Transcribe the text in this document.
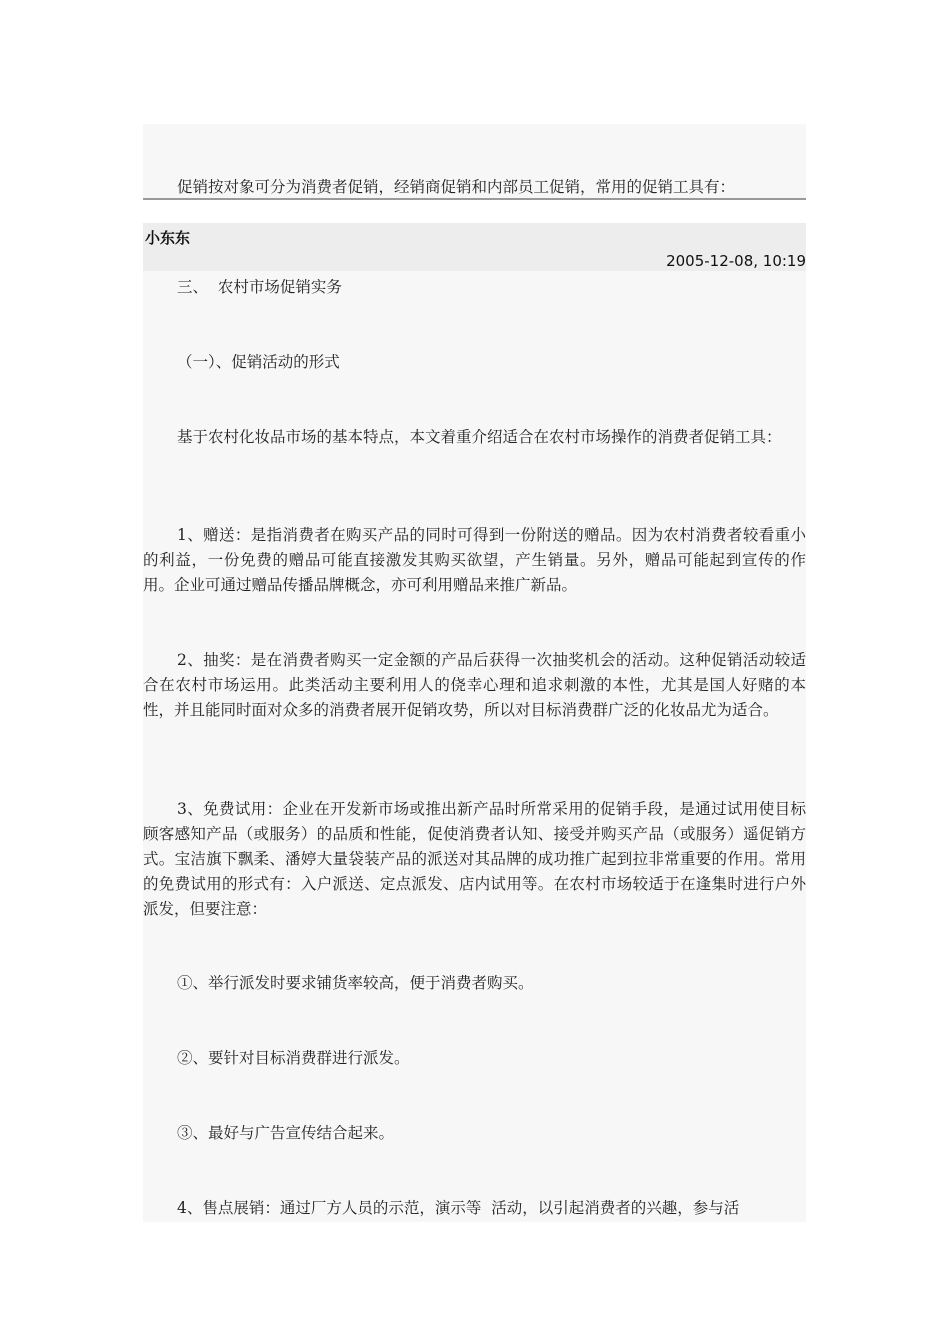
促销按对象可分为消费者促销，经销商促销和内部员工促销，常用的促销工具有：
小东东
2005-12-08, 10:19
三、  农村市场促销实务
（一）、促销活动的形式
基于农村化妆品市场的基本特点，本文着重介绍适合在农村市场操作的消费者促销工具：
1、赠送：是指消费者在购买产品的同时可得到一份附送的赠品。因为农村消费者较看重小的利益，一份免费的赠品可能直接激发其购买欲望，产生销量。另外，赠品可能起到宣传的作用。企业可通过赠品传播品牌概念，亦可利用赠品来推广新品。
2、抽奖：是在消费者购买一定金额的产品后获得一次抽奖机会的活动。这种促销活动较适合在农村市场运用。此类活动主要利用人的侥幸心理和追求刺激的本性，尤其是国人好赌的本性，并且能同时面对众多的消费者展开促销攻势，所以对目标消费群广泛的化妆品尤为适合。
3、免费试用：企业在开发新市场或推出新产品时所常采用的促销手段，是通过试用使目标顾客感知产品（或服务）的品质和性能，促使消费者认知、接受并购买产品（或服务）遥促销方式。宝洁旗下飘柔、潘婷大量袋装产品的派送对其品牌的成功推广起到拉非常重要的作用。常用的免费试用的形式有：入户派送、定点派发、店内试用等。在农村市场较适于在逢集时进行户外派发，但要注意：
①、举行派发时要求铺货率较高，便于消费者购买。
②、要针对目标消费群进行派发。
③、最好与广告宣传结合起来。
4、售点展销：通过厂方人员的示范，演示等  活动，以引起消费者的兴趣，参与活
